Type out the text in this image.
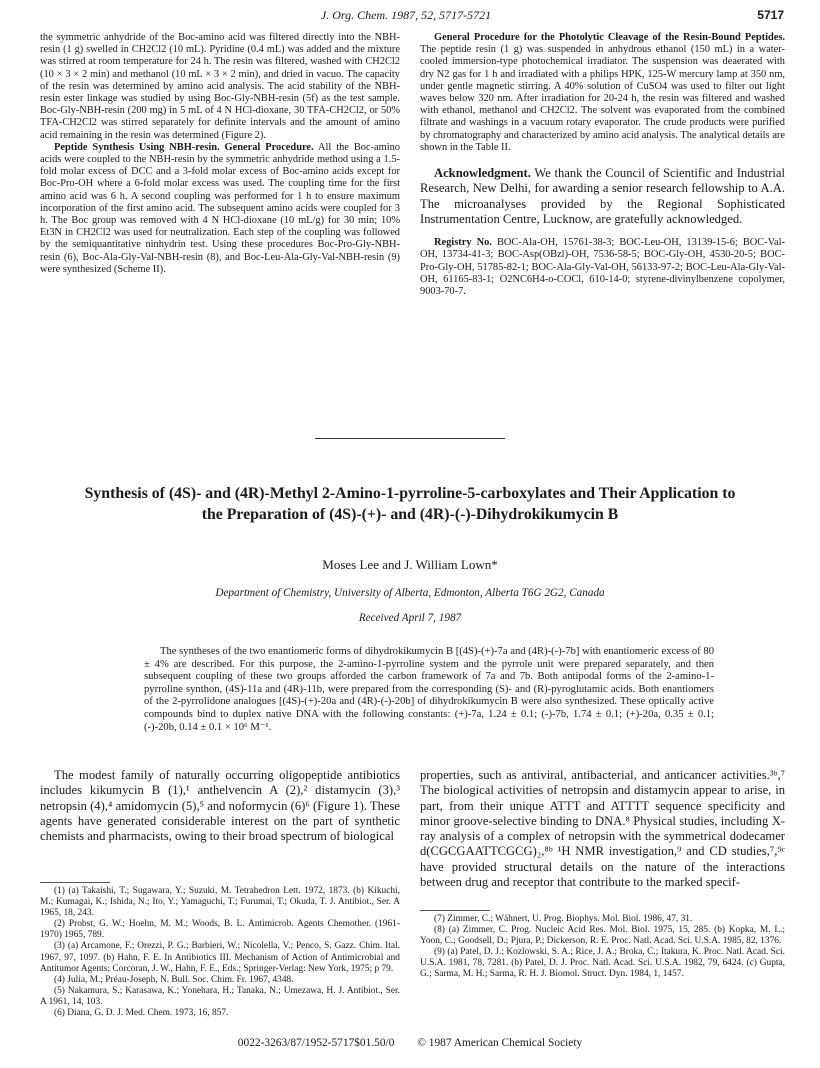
J. Org. Chem. 1987, 52, 5717-5721	5717

the symmetric anhydride of the Boc-amino acid was filtered directly into the NBH-resin (1 g) swelled in CH2Cl2 (10 mL). Pyridine (0.4 mL) was added and the mixture was stirred at room temperature for 24 h. The resin was filtered, washed with CH2Cl2 (10 × 3 × 2 min) and methanol (10 mL × 3 × 2 min), and dried in vacuo. The capacity of the resin was determined by amino acid analysis. The acid stability of the NBH-resin ester linkage was studied by using Boc-Gly-NBH-resin (5f) as the test sample. Boc-Gly-NBH-resin (200 mg) in 5 mL of 4 N HCl-dioxane, 30 TFA-CH2Cl2, or 50% TFA-CH2Cl2 was stirred separately for definite intervals and the amount of amino acid remaining in the resin was determined (Figure 2).

Peptide Synthesis Using NBH-resin. General Procedure. All the Boc-amino acids were coupled to the NBH-resin by the symmetric anhydride method using a 1.5-fold molar excess of DCC and a 3-fold molar excess of Boc-amino acids except for Boc-Pro-OH where a 6-fold molar excess was used. The coupling time for the first amino acid was 6 h. A second coupling was performed for 1 h to ensure maximum incorporation of the first amino acid. The subsequent amino acids were coupled for 3 h. The Boc group was removed with 4 N HCl-dioxane (10 mL/g) for 30 min; 10% Et3N in CH2Cl2 was used for neutralization. Each step of the coupling was followed by the semiquantitative ninhydrin test. Using these procedures Boc-Pro-Gly-NBH-resin (6), Boc-Ala-Gly-Val-NBH-resin (8), and Boc-Leu-Ala-Gly-Val-NBH-resin (9) were synthesized (Scheme II).

General Procedure for the Photolytic Cleavage of the Resin-Bound Peptides. The peptide resin (1 g) was suspended in anhydrous ethanol (150 mL) in a water-cooled immersion-type photochemical irradiator. The suspension was deaerated with dry N2 gas for 1 h and irradiated with a philips HPK, 125-W mercury lamp at 350 nm, under gentle magnetic stirring. A 40% solution of CuSO4 was used to filter out light waves below 320 nm. After irradiation for 20-24 h, the resin was filtered and washed with ethanol, methanol and CH2Cl2. The solvent was evaporated from the combined filtrate and washings in a vacuum rotary evaporator. The crude products were purified by chromatography and characterized by amino acid analysis. The analytical details are shown in the Table II.

Acknowledgment. We thank the Council of Scientific and Industrial Research, New Delhi, for awarding a senior research fellowship to A.A. The microanalyses provided by the Regional Sophisticated Instrumentation Centre, Lucknow, are gratefully acknowledged.

Registry No. BOC-Ala-OH, 15761-38-3; BOC-Leu-OH, 13139-15-6; BOC-Val-OH, 13734-41-3; BOC-Asp(OBzl)-OH, 7536-58-5; BOC-Gly-OH, 4530-20-5; BOC-Pro-Gly-OH, 51785-82-1; BOC-Ala-Gly-Val-OH, 56133-97-2; BOC-Leu-Ala-Gly-Val-OH, 61165-83-1; O2NC6H4-o-COCl, 610-14-0; styrene-divinylbenzene copolymer, 9003-70-7.

Synthesis of (4S)- and (4R)-Methyl 2-Amino-1-pyrroline-5-carboxylates and Their Application to the Preparation of (4S)-(+)- and (4R)-(-)-Dihydrokikumycin B
Moses Lee and J. William Lown*
Department of Chemistry, University of Alberta, Edmonton, Alberta T6G 2G2, Canada
Received April 7, 1987
The syntheses of the two enantiomeric forms of dihydrokikumycin B [(4S)-(+)-7a and (4R)-(-)-7b] with enantiomeric excess of 80 ± 4% are described. For this purpose, the 2-amino-1-pyrroline system and the pyrrole unit were prepared separately, and then subsequent coupling of these two groups afforded the carbon framework of 7a and 7b. Both antipodal forms of the 2-amino-1-pyrroline synthon, (4S)-11a and (4R)-11b, were prepared from the corresponding (S)- and (R)-pyroglutamic acids. Both enantiomers of the 2-pyrrolidone analogues [(4S)-(+)-20a and (4R)-(-)-20b] of dihydrokikumycin B were also synthesized. These optically active compounds bind to duplex native DNA with the following constants: (+)-7a, 1.24 ± 0.1; (-)-7b, 1.74 ± 0.1; (+)-20a, 0.35 ± 0.1; (-)-20b, 0.14 ± 0.1 × 10⁶ M⁻¹.
The modest family of naturally occurring oligopeptide antibiotics includes kikumycin B (1),¹ anthelvencin A (2),² distamycin (3),³ netropsin (4),⁴ amidomycin (5),⁵ and noformycin (6)⁶ (Figure 1). These agents have generated considerable interest on the part of synthetic chemists and pharmacists, owing to their broad spectrum of biological
properties, such as antiviral, antibacterial, and anticancer activities.³ᵇ,⁷ The biological activities of netropsin and distamycin appear to arise, in part, from their unique ATTT and ATTTT sequence specificity and minor groove-selective binding to DNA.⁸ Physical studies, including X-ray analysis of a complex of netropsin with the symmetrical dodecamer d(CGCGAATTCGCG)₂,⁸ᵇ ¹H NMR investigation,⁹ and CD studies,⁷,⁹ᶜ have provided structural details on the nature of the interactions between drug and receptor that contribute to the marked specif-

(1) (a) Takaishi, T.; Sugawara, Y.; Suzuki, M. Tetrahedron Lett. 1972, 1873. (b) Kikuchi, M.; Kumagai, K.; Ishida, N.; Ito, Y.; Yamaguchi, T.; Furumai, T.; Okuda, T. J. Antibiot., Ser. A 1965, 18, 243.

(2) Probst, G. W.; Hoehn, M. M.; Woods, B. L. Antimicrob. Agents Chemother. (1961-1970) 1965, 789.

(3) (a) Arcamone, F.; Orezzi, P. G.; Barbieri, W.; Nicolella, V.; Penco, S. Gazz. Chim. Ital. 1967, 97, 1097. (b) Hahn, F. E. In Antibiotics III. Mechanism of Action of Antimicrobial and Antitumor Agents; Corcoran, J. W., Hahn, F. E., Eds.; Springer-Verlag: New York, 1975; p 79.

(4) Julia, M.; Préau-Joseph, N. Bull. Soc. Chim. Fr. 1967, 4348.

(5) Nakamura, S.; Karasawa, K.; Yonehara, H.; Tanaka, N.; Umezawa, H. J. Antibiot., Ser. A 1961, 14, 103.

(6) Diana, G. D. J. Med. Chem. 1973, 16, 857.

(7) Zimmer, C.; Wähnert, U. Prog. Biophys. Mol. Biol. 1986, 47, 31.

(8) (a) Zimmer, C. Prog. Nucleic Acid Res. Mol. Biol. 1975, 15, 285. (b) Kopka, M. L.; Yoon, C.; Goodsell, D.; Pjura, P.; Dickerson, R. E. Proc. Natl. Acad. Sci. U.S.A. 1985, 82, 1376.

(9) (a) Patel, D. J.; Kozlowski, S. A.; Rice, J. A.; Broka, C.; Itakura, K. Proc. Natl. Acad. Sci. U.S.A. 1981, 78, 7281. (b) Patel, D. J. Proc. Natl. Acad. Sci. U.S.A. 1982, 79, 6424. (c) Gupta, G.; Sarma, M. H.; Sarma, R. H. J. Biomol. Struct. Dyn. 1984, 1, 1457.

0022-3263/87/1952-5717$01.50/0 © 1987 American Chemical Society
